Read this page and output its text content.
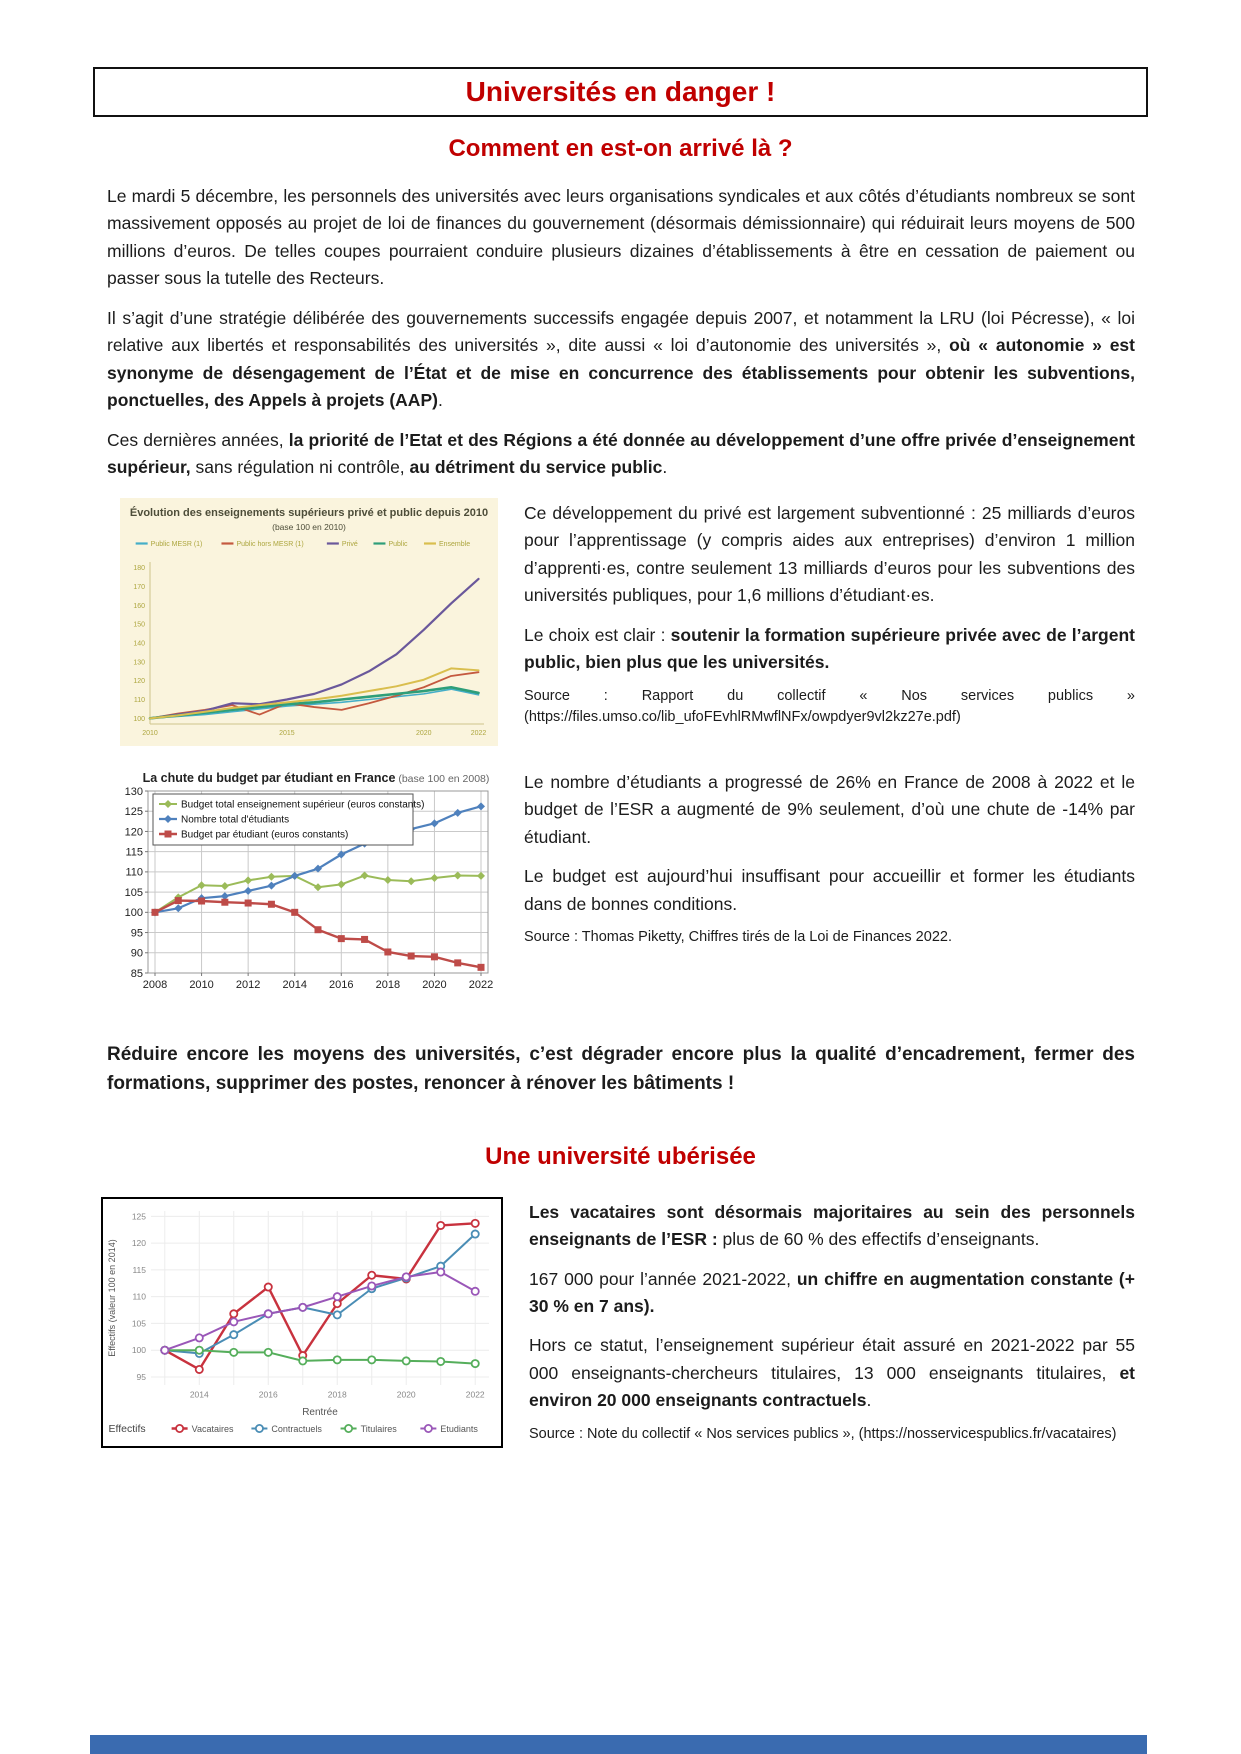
Universités en danger !
Comment en est-on arrivé là ?

Le mardi 5 décembre, les personnels des universités avec leurs organisations syndicales et aux côtés d’étudiants nombreux se sont massivement opposés au projet de loi de finances du gouvernement (désormais démissionnaire) qui réduirait leurs moyens de 500 millions d’euros. De telles coupes pourraient conduire plusieurs dizaines d’établissements à être en cessation de paiement ou passer sous la tutelle des Recteurs.

Il s’agit d’une stratégie délibérée des gouvernements successifs engagée depuis 2007, et notamment la LRU (loi Pécresse), « loi relative aux libertés et responsabilités des universités », dite aussi « loi d’autonomie des universités », où « autonomie » est synonyme de désengagement de l’État et de mise en concurrence des établissements pour obtenir les subventions, ponctuelles, des Appels à projets (AAP).

Ces dernières années, la priorité de l’Etat et des Régions a été donnée au développement d’une offre privée d’enseignement supérieur, sans régulation ni contrôle, au détriment du service public.

100
110
120
130
140
150
160
170
180
2010	2015	2020	2022
Évolution des enseignements supérieurs privé et public depuis 2010
(base 100 en 2010)
Public MESR (1)	Public hors MESR (1)	Privé	Public	Ensemble

Ce développement du privé est largement subventionné : 25 milliards d’euros pour l’apprentissage (y compris aides aux entreprises) d’environ 1 million d’apprenti·es, contre seulement 13 milliards d’euros pour les subventions des universités publiques, pour 1,6 millions d’étudiant·es.

Le choix est clair : soutenir la formation supérieure privée avec de l’argent public, bien plus que les universités.

Source : Rapport du collectif « Nos services publics » (https://files.umso.co/lib_ufoFEvhlRMwflNFx/owpdyer9vl2kz27e.pdf)

85
90
95
100
105
110
115
120
125
130
2008 2010 2012 2014 2016 2018 2020 2022
La chute du budget par étudiant en France (base 100 en 2008)
Budget total enseignement supérieur (euros constants)
Nombre total d'étudiants
Budget par étudiant (euros constants)

Le nombre d’étudiants a progressé de 26% en France de 2008 à 2022 et le budget de l’ESR a augmenté de 9% seulement, d’où une chute de -14% par étudiant.

Le budget est aujourd’hui insuffisant pour accueillir et former les étudiants dans de bonnes conditions.

Source : Thomas Piketty, Chiffres tirés de la Loi de Finances 2022.

Réduire encore les moyens des universités, c’est dégrader encore plus la qualité d’encadrement, fermer des formations, supprimer des postes, renoncer à rénover les bâtiments !

Une université ubérisée
95
100
105
110
115
120
125
2014	2016	2018	2020	2022
Effectifs (valeur 100 en 2014)
Rentrée
Effectifs	Vacataires	Contractuels	Titulaires	Etudiants

Les vacataires sont désormais majoritaires au sein des personnels enseignants de l’ESR : plus de 60 % des effectifs d’enseignants.

167 000 pour l’année 2021-2022, un chiffre en augmentation constante (+ 30 % en 7 ans).

Hors ce statut, l’enseignement supérieur était assuré en 2021-2022 par 55 000 enseignants-chercheurs titulaires, 13 000 enseignants titulaires, et environ 20 000 enseignants contractuels.

Source : Note du collectif « Nos services publics », (https://nosservicespublics.fr/vacataires)
